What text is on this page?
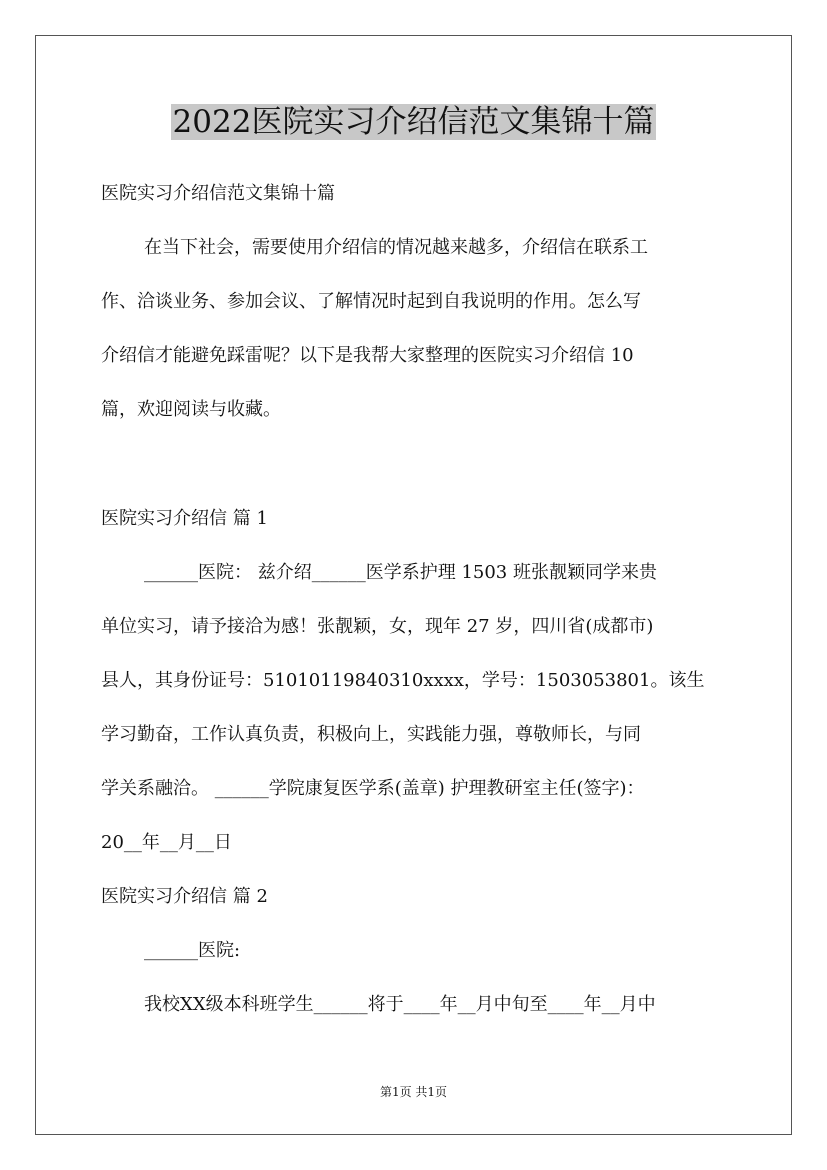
2022医院实习介绍信范文集锦十篇
医院实习介绍信范文集锦十篇
在当下社会，需要使用介绍信的情况越来越多，介绍信在联系工
作、洽谈业务、参加会议、了解情况时起到自我说明的作用。怎么写
介绍信才能避免踩雷呢？以下是我帮大家整理的医院实习介绍信 10
篇，欢迎阅读与收藏。
医院实习介绍信 篇 1
______医院： 兹介绍______医学系护理 1503 班张靓颖同学来贵
单位实习，请予接洽为感！张靓颖，女，现年 27 岁，四川省(成都市)
县人，其身份证号：51010119840310xxxx，学号：1503053801。该生
学习勤奋，工作认真负责，积极向上，实践能力强，尊敬师长，与同
学关系融洽。 ______学院康复医学系(盖章) 护理教研室主任(签字)：
20__年__月__日
医院实习介绍信 篇 2
______医院:
我校XX级本科班学生______将于____年__月中旬至____年__月中
第1页 共1页
